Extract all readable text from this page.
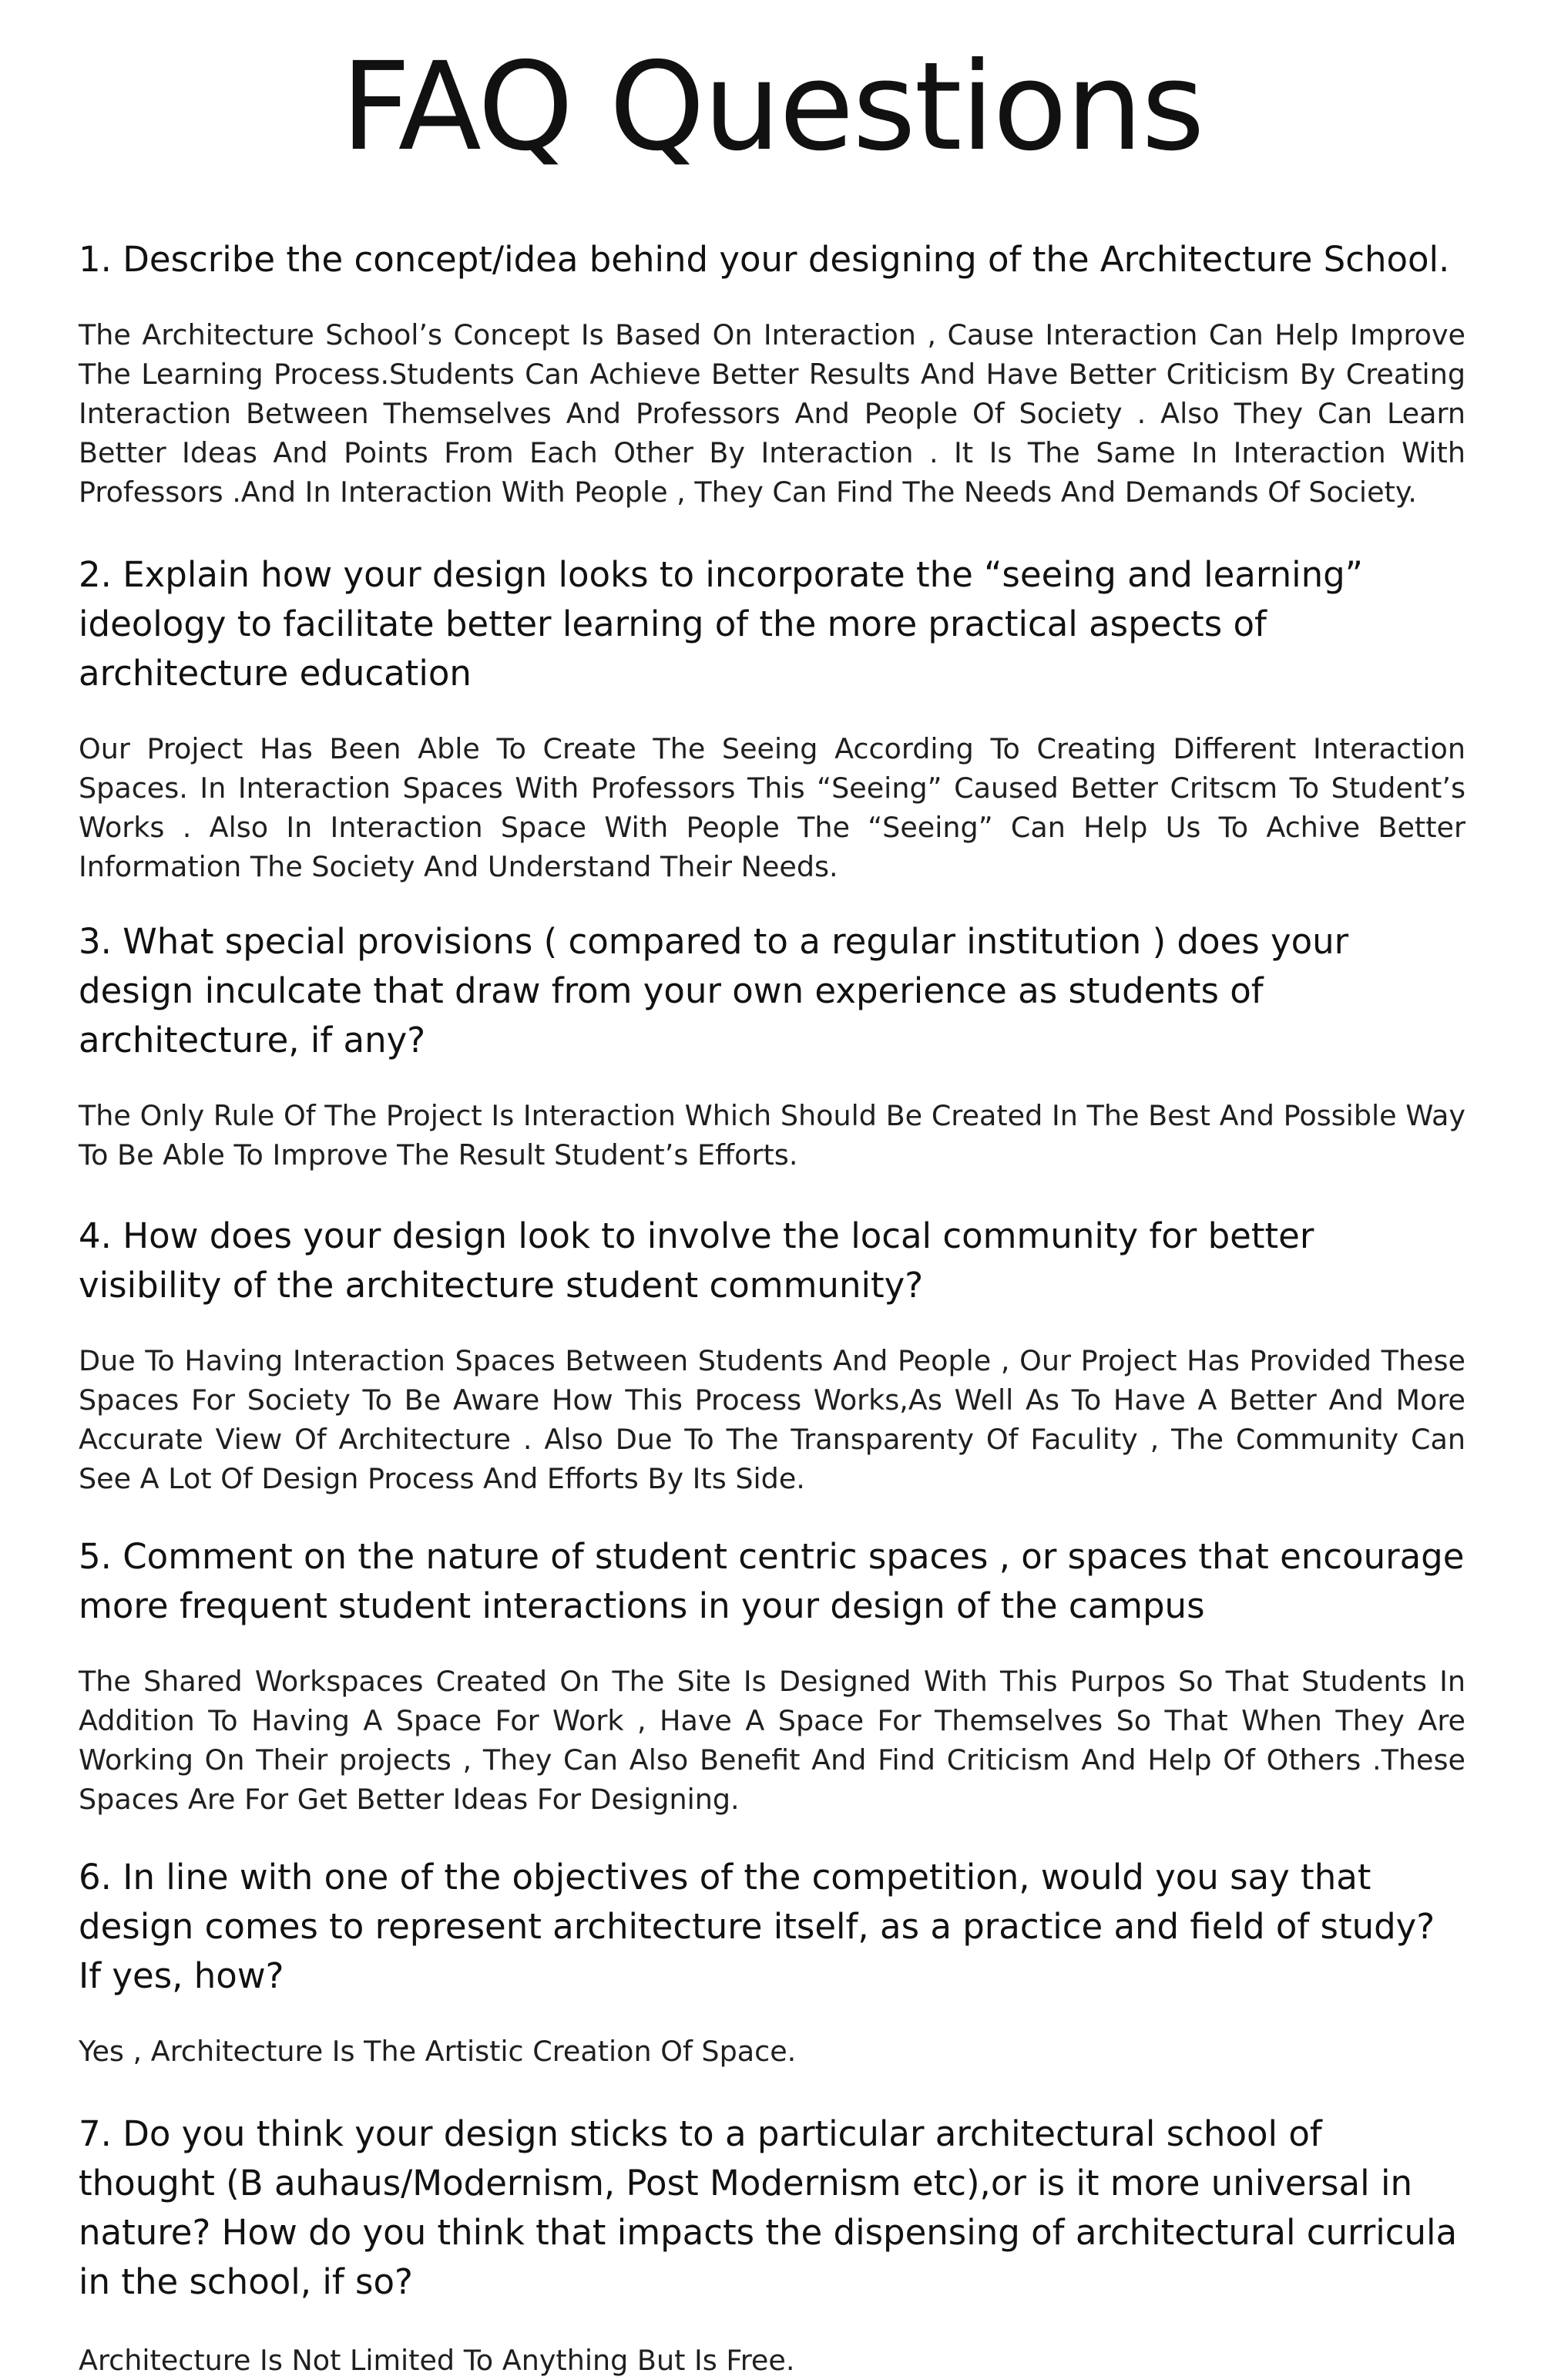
FAQ Questions
1. Describe the concept/idea behind your designing of the Architecture School.

The Architecture School’s Concept Is Based On Interaction , Cause Interaction Can Help Improve The Learning Process.Students Can Achieve Better Results And Have Better Criticism By Creating Interaction Between Themselves And Professors And People Of Society . Also They Can Learn Better Ideas And Points From Each Other By Interaction . It Is The Same In Interaction With Professors .And In Interaction With People , They Can Find The Needs And Demands Of Society.

2. Explain how your design looks to incorporate the “seeing and learning” ideology to facilitate better learning of the more practical aspects of architecture education

Our Project Has Been Able To Create The Seeing According To Creating Different Interaction Spaces. In Interaction Spaces With Professors This “Seeing” Caused Better Critscm To Student’s Works . Also In Interaction Space With People The “Seeing” Can Help Us To Achive Better Information The Society And Understand Their Needs.

3. What special provisions ( compared to a regular institution ) does your design inculcate that draw from your own experience as students of architecture, if any?

The Only Rule Of The Project Is Interaction Which Should Be Created In The Best And Possible Way To Be Able To Improve The Result Student’s Efforts.

4. How does your design look to involve the local community for better visibility of the architecture student community?

Due To Having Interaction Spaces Between Students And People , Our Project Has Provided These Spaces For Society To Be Aware How This Process Works,As Well As To Have A Better And More Accurate View Of Architecture . Also Due To The Transparenty Of Faculity , The Community Can See A Lot Of Design Process And Efforts By Its Side.

5. Comment on the nature of student centric spaces , or spaces that encourage more frequent student interactions in your design of the campus

The Shared Workspaces Created On The Site Is Designed With This Purpos So That Students In Addition To Having A Space For Work , Have A Space For Themselves So That When They Are Working On Their projects , They Can Also Benefit And Find Criticism And Help Of Others .These Spaces Are For Get Better Ideas For Designing.

6. In line with one of the objectives of the competition, would you say that design comes to represent architecture itself, as a practice and field of study? If yes, how?

Yes , Architecture Is The Artistic Creation Of Space.

7. Do you think your design sticks to a particular architectural school of thought (B auhaus/Modernism, Post Modernism etc),or is it more universal in nature? How do you think that impacts the dispensing of architectural curricula in the school, if so?

Architecture Is Not Limited To Anything But Is Free.
